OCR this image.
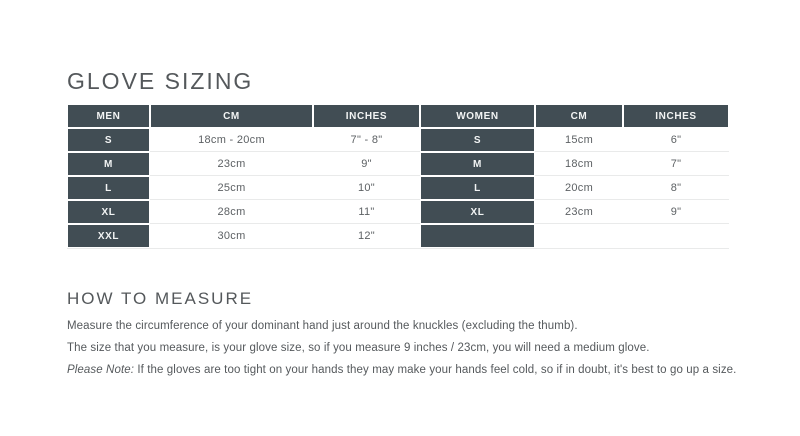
GLOVE SIZING
MEN	CM	INCHES	WOMEN	CM	INCHES
S	18cm - 20cm	7" - 8"	S	15cm	6"
M	23cm	9"	M	18cm	7"
L	25cm	10"	L	20cm	8"
XL	28cm	11"	XL	23cm	9"
XXL	30cm	12"
HOW TO MEASURE
Measure the circumference of your dominant hand just around the knuckles (excluding the thumb).
The size that you measure, is your glove size, so if you measure 9 inches / 23cm, you will need a medium glove.
Please Note: If the gloves are too tight on your hands they may make your hands feel cold, so if in doubt, it's best to go up a size.
